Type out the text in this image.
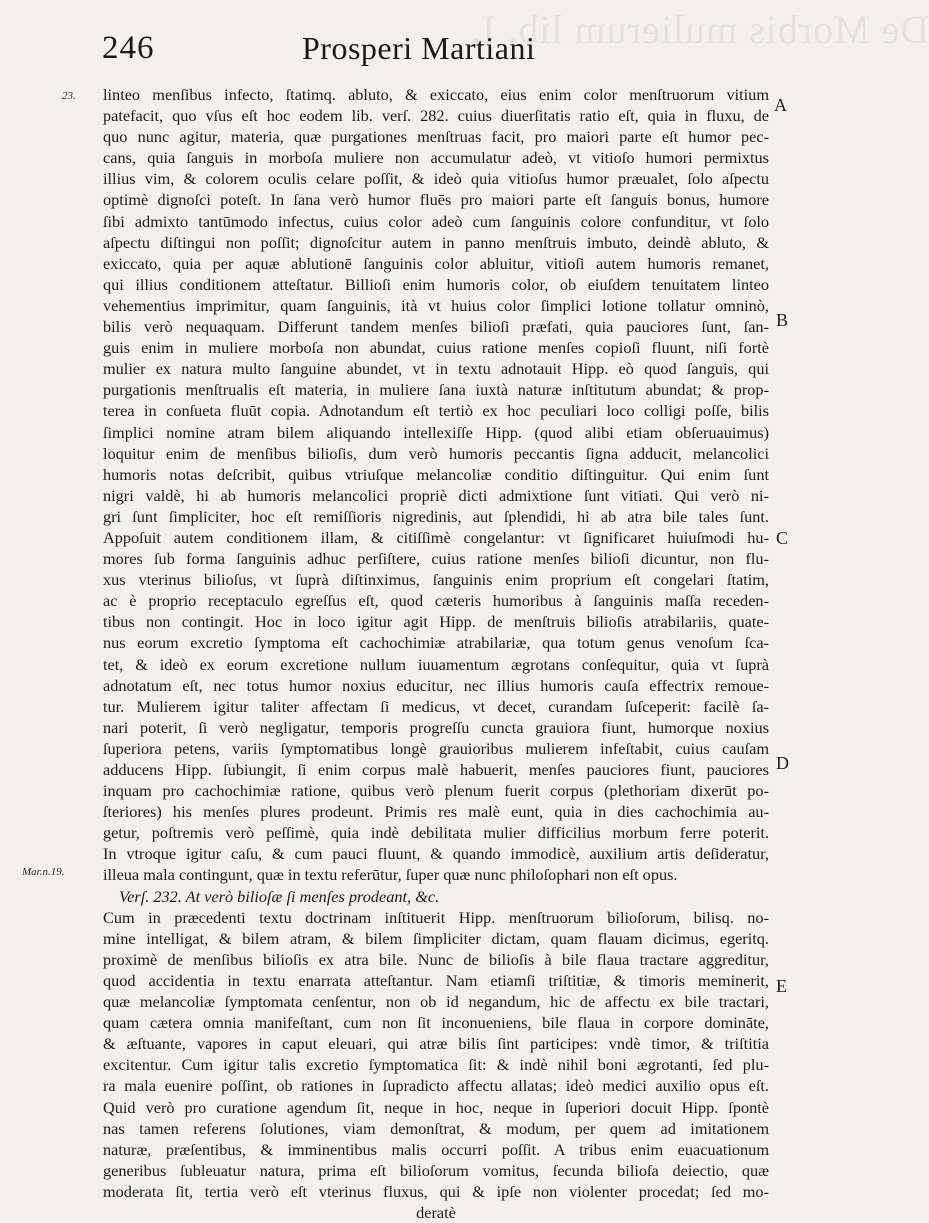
De Morbis mulierum lib. I.
246	Prosperi Martiani
23.
Mar.n.19.
A
B
C
D
E
linteo menſibus infecto, ſtatimq. abluto, & exiccato, eius enim color menſtruorum vitium
patefacit, quo vſus eſt hoc eodem lib. verſ. 282. cuius diuerſitatis ratio eſt, quia in fluxu, de
quo nunc agitur, materia, quæ purgationes menſtruas facit, pro maiori parte eſt humor pec-
cans, quia ſanguis in morboſa muliere non accumulatur adeò, vt vitioſo humori permixtus
illius vim, & colorem oculis celare poſſit, & ideò quia vitioſus humor præualet, ſolo aſpectu
optimè dignoſci poteſt. In ſana verò humor fluēs pro maiori parte eſt ſanguis bonus, humore
ſibi admixto tantūmodo infectus, cuius color adeò cum ſanguinis colore confunditur, vt ſolo
aſpectu diſtingui non poſſit; dignoſcitur autem in panno menſtruis imbuto, deindè abluto, &
exiccato, quia per aquæ ablutionē ſanguinis color abluitur, vitioſi autem humoris remanet,
qui illius conditionem atteſtatur. Billioſi enim humoris color, ob eiuſdem tenuitatem linteo
vehementius imprimitur, quam ſanguinis, ità vt huius color ſimplici lotione tollatur omninò,
bilis verò nequaquam. Differunt tandem menſes bilioſi præfati, quia pauciores ſunt, ſan-
guis enim in muliere morboſa non abundat, cuius ratione menſes copioſi fluunt, niſi fortè
mulier ex natura multo ſanguine abundet, vt in textu adnotauit Hipp. eò quod ſanguis, qui
purgationis menſtrualis eſt materia, in muliere ſana iuxtà naturæ inſtitutum abundat; & prop-
terea in conſueta fluūt copia. Adnotandum eſt tertiò ex hoc peculiari loco colligi poſſe, bilis
ſimplici nomine atram bilem aliquando intellexiſſe Hipp. (quod alibi etiam obſeruauimus)
loquitur enim de menſibus bilioſis, dum verò humoris peccantis ſigna adducit, melancolici
humoris notas deſcribit, quibus vtriuſque melancoliæ conditio diſtinguitur. Qui enim ſunt
nigri valdè, hi ab humoris melancolici propriè dicti admixtione ſunt vitiati. Qui verò ni-
gri ſunt ſimpliciter, hoc eſt remiſſioris nigredinis, aut ſplendidi, hi ab atra bile tales ſunt.
Appoſuit autem conditionem illam, & citiſſimè congelantur: vt ſignificaret huiuſmodi hu-
mores ſub forma ſanguinis adhuc perſiſtere, cuius ratione menſes bilioſi dicuntur, non flu-
xus vterinus bilioſus, vt ſuprà diſtinximus, ſanguinis enim proprium eſt congelari ſtatim,
ac è proprio receptaculo egreſſus eſt, quod cæteris humoribus à ſanguinis maſſa receden-
tibus non contingit. Hoc in loco igitur agit Hipp. de menſtruis bilioſis atrabilariis, quate-
nus eorum excretio ſymptoma eſt cachochimiæ atrabilariæ, qua totum genus venoſum ſca-
tet, & ideò ex eorum excretione nullum iuuamentum ægrotans conſequitur, quia vt ſuprà
adnotatum eſt, nec totus humor noxius educitur, nec illius humoris cauſa effectrix remoue-
tur. Mulierem igitur taliter affectam ſi medicus, vt decet, curandam ſuſceperit: facilè ſa-
nari poterit, ſi verò negligatur, temporis progreſſu cuncta grauiora fiunt, humorque noxius
ſuperiora petens, variis ſymptomatibus longè grauioribus mulierem infeſtabit, cuius cauſam
adducens Hipp. ſubiungit, ſi enim corpus malè habuerit, menſes pauciores fiunt, pauciores
inquam pro cachochimiæ ratione, quibus verò plenum fuerit corpus (plethoriam dixerūt po-
ſteriores) his menſes plures prodeunt. Primis res malè eunt, quia in dies cachochimia au-
getur, poſtremis verò peſſimè, quia indè debilitata mulier difficilius morbum ferre poterit.
In vtroque igitur caſu, & cum pauci fluunt, & quando immodicè, auxilium artis deſideratur,
illeua mala contingunt, quæ in textu referūtur, ſuper quæ nunc philoſophari non eſt opus.
Verſ. 232. At verò bilioſæ ſi menſes prodeant, &c.
Cum in præcedenti textu doctrinam inſtituerit Hipp. menſtruorum bilioſorum, bilisq. no-
mine intelligat, & bilem atram, & bilem ſimpliciter dictam, quam flauam dicimus, egeritq.
proximè de menſibus bilioſis ex atra bile. Nunc de bilioſis à bile flaua tractare aggreditur,
quod accidentia in textu enarrata atteſtantur. Nam etiamſi triſtitiæ, & timoris meminerit,
quæ melancoliæ ſymptomata cenſentur, non ob id negandum, hic de affectu ex bile tractari,
quam cætera omnia manifeſtant, cum non ſit inconueniens, bile flaua in corpore domināte,
& æſtuante, vapores in caput eleuari, qui atræ bilis ſint participes: vndè timor, & triſtitia
excitentur. Cum igitur talis excretio ſymptomatica ſit: & indè nihil boni ægrotanti, ſed plu-
ra mala euenire poſſint, ob rationes in ſupradicto affectu allatas; ideò medici auxilio opus eſt.
Quid verò pro curatione agendum ſit, neque in hoc, neque in ſuperiori docuit Hipp. ſpontè
nas tamen referens ſolutiones, viam demonſtrat, & modum, per quem ad imitationem
naturæ, præſentibus, & imminentibus malis occurri poſſit. A tribus enim euacuationum
generibus ſubleuatur natura, prima eſt bilioſorum vomitus, ſecunda bilioſa deiectio, quæ
moderata ſit, tertia verò eſt vterinus fluxus, qui & ipſe non violenter procedat; ſed mo-
deratè
